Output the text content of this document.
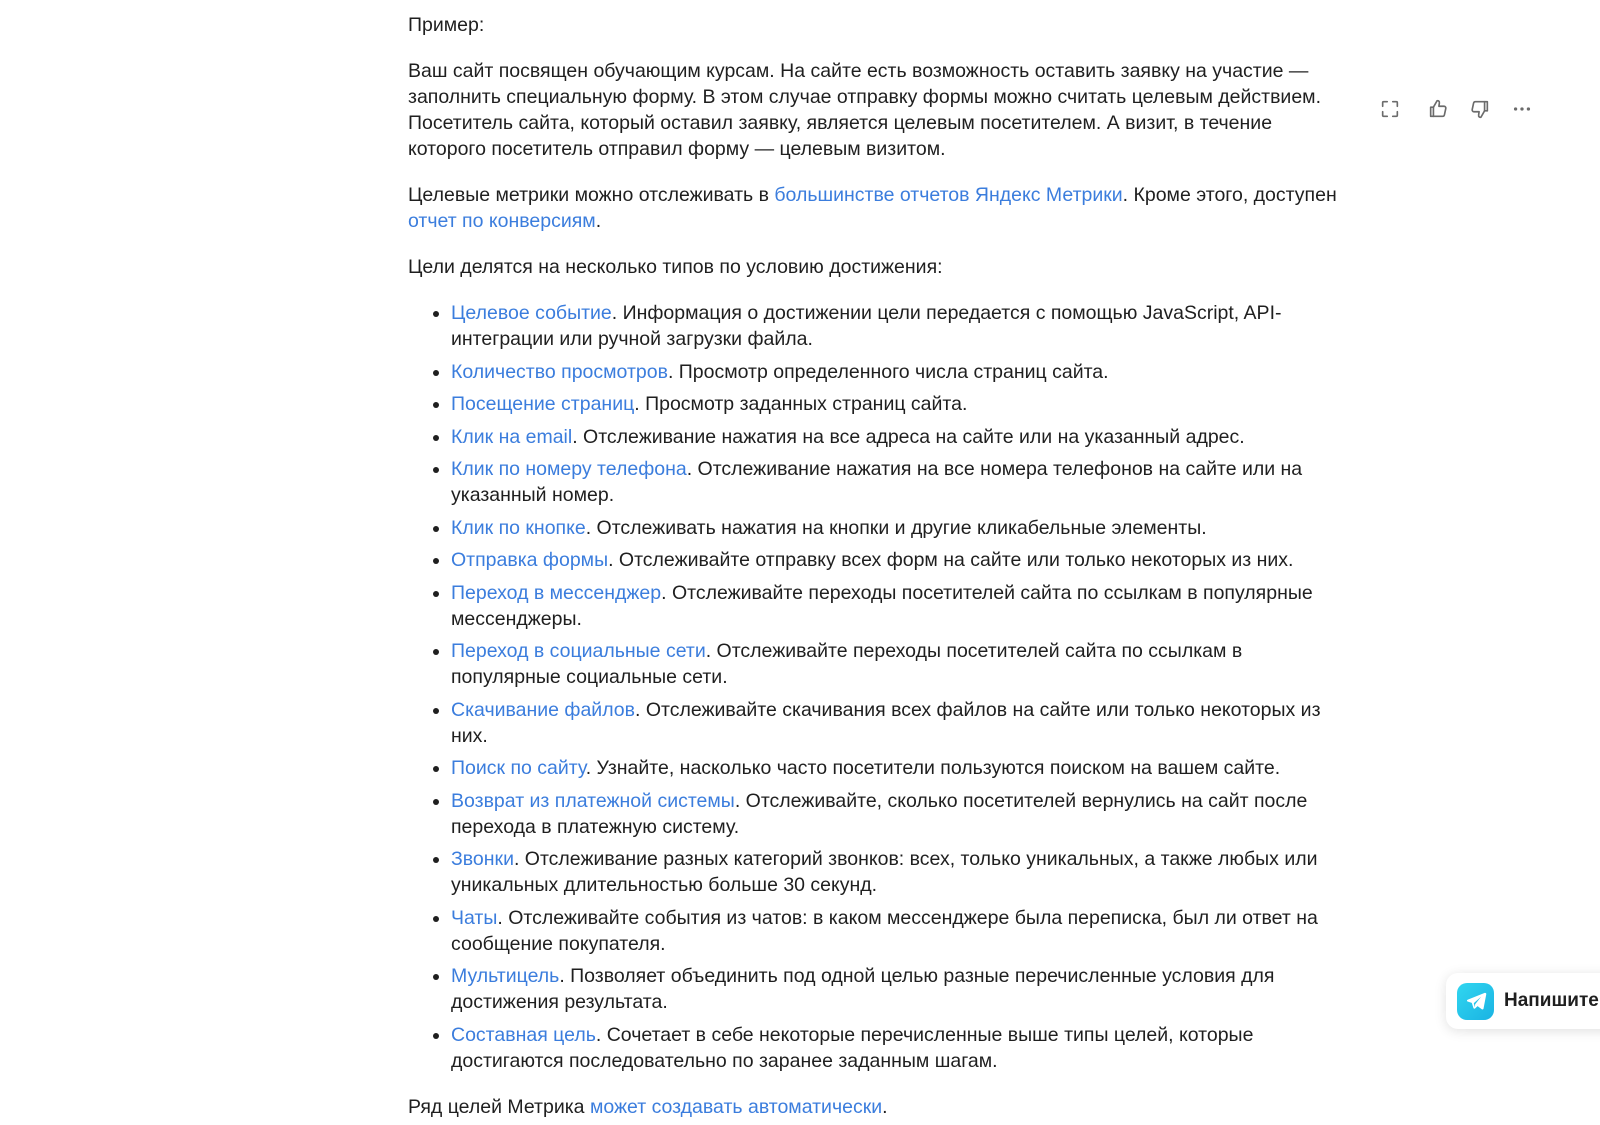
Пример:

Ваш сайт посвящен обучающим курсам. На сайте есть возможность оставить заявку на участие — заполнить специальную форму. В этом случае отправку формы можно считать целевым действием. Посетитель сайта, который оставил заявку, является целевым посетителем. А визит, в течение которого посетитель отправил форму — целевым визитом.

Целевые метрики можно отслеживать в большинстве отчетов Яндекс Метрики. Кроме этого, доступен отчет по конверсиям.

Цели делятся на несколько типов по условию достижения:

• Целевое событие. Информация о достижении цели передается с помощью JavaScript, API-интеграции или ручной загрузки файла.
• Количество просмотров. Просмотр определенного числа страниц сайта.
• Посещение страниц. Просмотр заданных страниц сайта.
• Клик на email. Отслеживание нажатия на все адреса на сайте или на указанный адрес.
• Клик по номеру телефона. Отслеживание нажатия на все номера телефонов на сайте или на указанный номер.
• Клик по кнопке. Отслеживать нажатия на кнопки и другие кликабельные элементы.
• Отправка формы. Отслеживайте отправку всех форм на сайте или только некоторых из них.
• Переход в мессенджер. Отслеживайте переходы посетителей сайта по ссылкам в популярные мессенджеры.
• Переход в социальные сети. Отслеживайте переходы посетителей сайта по ссылкам в популярные социальные сети.
• Скачивание файлов. Отслеживайте скачивания всех файлов на сайте или только некоторых из них.
• Поиск по сайту. Узнайте, насколько часто посетители пользуются поиском на вашем сайте.
• Возврат из платежной системы. Отслеживайте, сколько посетителей вернулись на сайт после перехода в платежную систему.
• Звонки. Отслеживание разных категорий звонков: всех, только уникальных, а также любых или уникальных длительностью больше 30 секунд.
• Чаты. Отслеживайте события из чатов: в каком мессенджере была переписка, был ли ответ на сообщение покупателя.
• Мультицель. Позволяет объединить под одной целью разные перечисленные условия для достижения результата.
• Составная цель. Сочетает в себе некоторые перечисленные выше типы целей, которые достигаются последовательно по заранее заданным шагам.

Ряд целей Метрика может создавать автоматически.

Напишите
